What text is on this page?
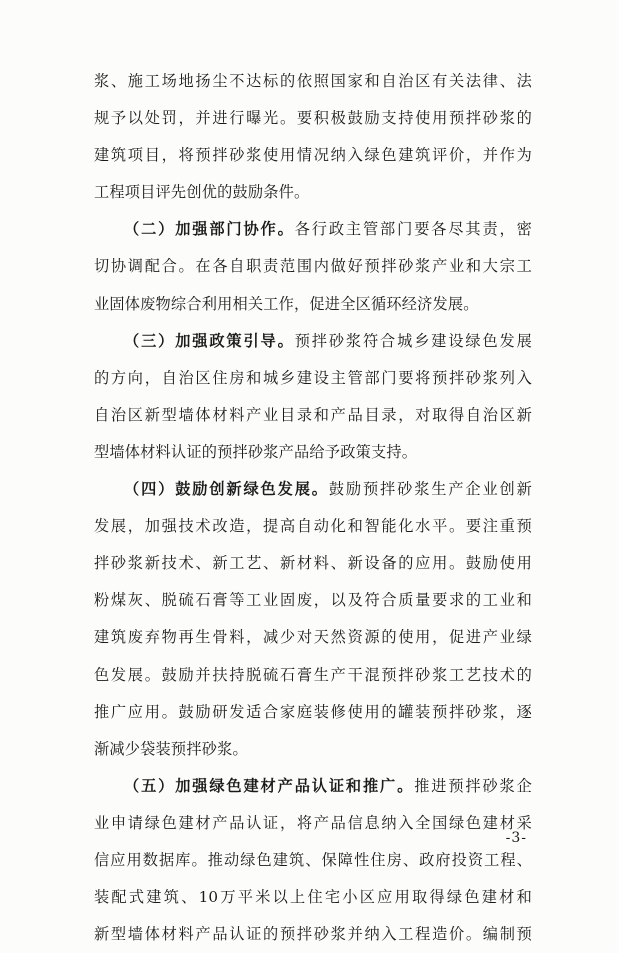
浆、施工场地扬尘不达标的依照国家和自治区有关法律、法
规予以处罚，并进行曝光。要积极鼓励支持使用预拌砂浆的
建筑项目，将预拌砂浆使用情况纳入绿色建筑评价，并作为
工程项目评先创优的鼓励条件。
（二）加强部门协作。各行政主管部门要各尽其责，密
切协调配合。在各自职责范围内做好预拌砂浆产业和大宗工
业固体废物综合利用相关工作，促进全区循环经济发展。
（三）加强政策引导。预拌砂浆符合城乡建设绿色发展
的方向，自治区住房和城乡建设主管部门要将预拌砂浆列入
自治区新型墙体材料产业目录和产品目录，对取得自治区新
型墙体材料认证的预拌砂浆产品给予政策支持。
（四）鼓励创新绿色发展。鼓励预拌砂浆生产企业创新
发展，加强技术改造，提高自动化和智能化水平。要注重预
拌砂浆新技术、新工艺、新材料、新设备的应用。鼓励使用
粉煤灰、脱硫石膏等工业固废，以及符合质量要求的工业和
建筑废弃物再生骨料，减少对天然资源的使用，促进产业绿
色发展。鼓励并扶持脱硫石膏生产干混预拌砂浆工艺技术的
推广应用。鼓励研发适合家庭装修使用的罐装预拌砂浆，逐
渐减少袋装预拌砂浆。
（五）加强绿色建材产品认证和推广。推进预拌砂浆企
业申请绿色建材产品认证，将产品信息纳入全国绿色建材采
信应用数据库。推动绿色建筑、保障性住房、政府投资工程、
装配式建筑、10万平米以上住宅小区应用取得绿色建材和
新型墙体材料产品认证的预拌砂浆并纳入工程造价。编制预
-3-
